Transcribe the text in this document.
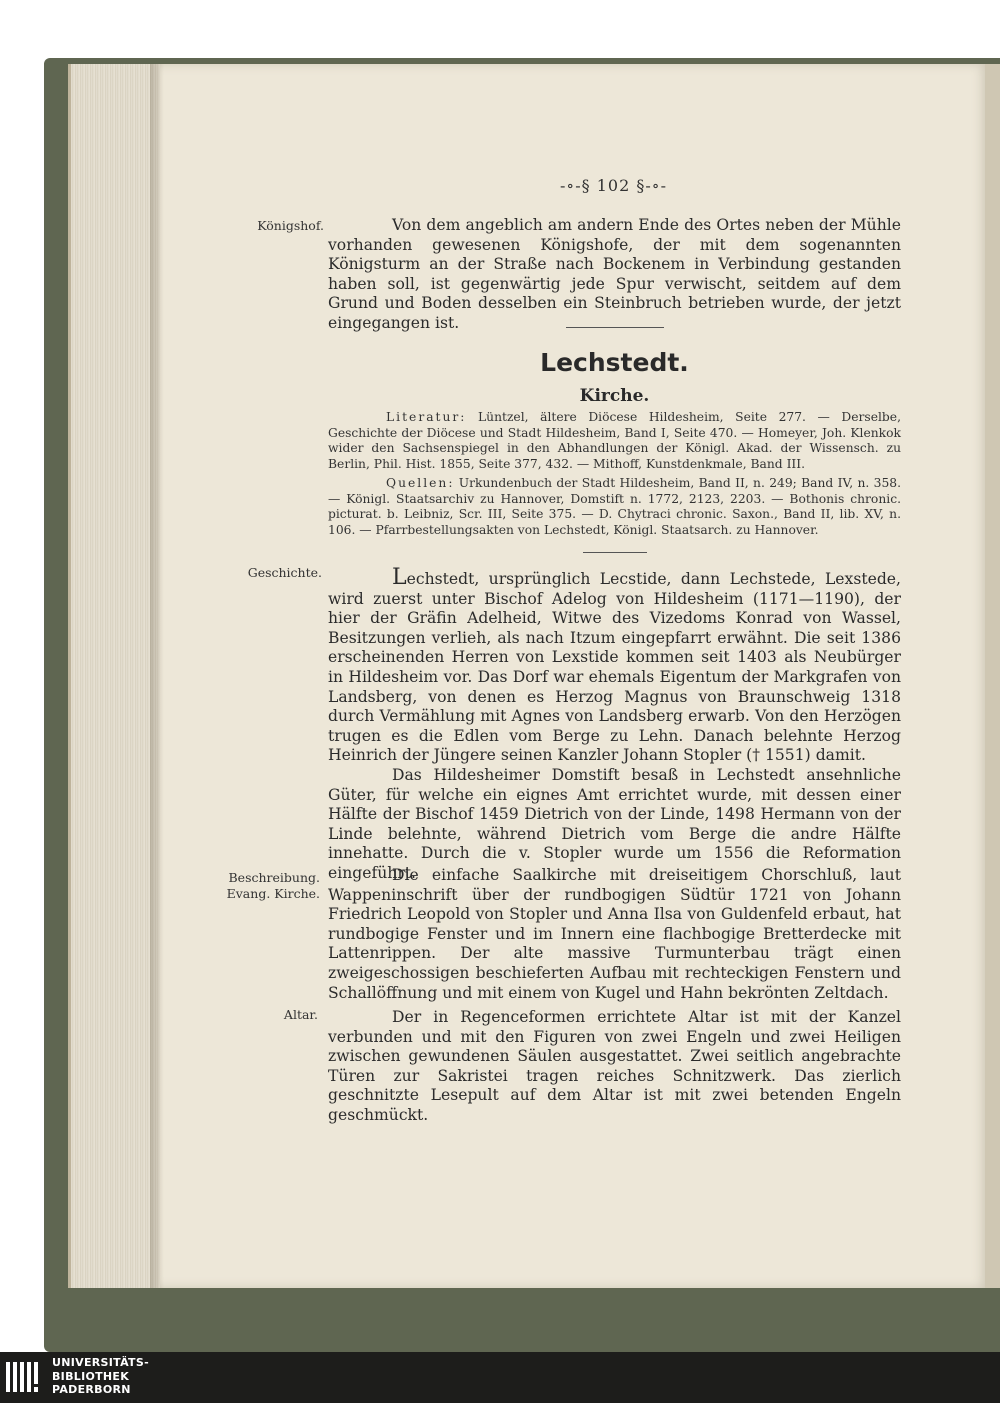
-∘-§ 102 §-∘-
Königshof.	Von dem angeblich am andern Ende des Ortes neben der Mühle vorhanden gewesenen Königshofe, der mit dem sogenannten Königsturm an der Straße nach Bockenem in Verbindung gestanden haben soll, ist gegenwärtig jede Spur verwischt, seitdem auf dem Grund und Boden desselben ein Steinbruch betrieben wurde, der jetzt eingegangen ist.
Lechstedt.
Kirche.

Literatur: Lüntzel, ältere Diöcese Hildesheim, Seite 277. — Derselbe, Geschichte der Diöcese und Stadt Hildesheim, Band I, Seite 470. — Homeyer, Joh. Klenkok wider den Sachsenspiegel in den Abhandlungen der Königl. Akad. der Wissensch. zu Berlin, Phil. Hist. 1855, Seite 377, 432. — Mithoff, Kunstdenkmale, Band III.

Quellen: Urkundenbuch der Stadt Hildesheim, Band II, n. 249; Band IV, n. 358. — Königl. Staatsarchiv zu Hannover, Domstift n. 1772, 2123, 2203. — Bothonis chronic. picturat. b. Leibniz, Scr. III, Seite 375. — D. Chytraci chronic. Saxon., Band II, lib. XV, n. 106. — Pfarrbestellungsakten von Lechstedt, Königl. Staatsarch. zu Hannover.

Geschichte.	Lechstedt, ursprünglich Lecstide, dann Lechstede, Lexstede, wird zuerst unter Bischof Adelog von Hildesheim (1171—1190), der hier der Gräfin Adelheid, Witwe des Vizedoms Konrad von Wassel, Besitzungen verlieh, als nach Itzum eingepfarrt erwähnt. Die seit 1386 erscheinenden Herren von Lexstide kommen seit 1403 als Neubürger in Hildesheim vor. Das Dorf war ehemals Eigentum der Markgrafen von Landsberg, von denen es Herzog Magnus von Braunschweig 1318 durch Vermählung mit Agnes von Landsberg erwarb. Von den Herzögen trugen es die Edlen vom Berge zu Lehn. Danach belehnte Herzog Heinrich der Jüngere seinen Kanzler Johann Stopler († 1551) damit.

Das Hildesheimer Domstift besaß in Lechstedt ansehnliche Güter, für welche ein eignes Amt errichtet wurde, mit dessen einer Hälfte der Bischof 1459 Dietrich von der Linde, 1498 Hermann von der Linde belehnte, während Dietrich vom Berge die andre Hälfte innehatte. Durch die v. Stopler wurde um 1556 die Reformation eingeführt.

Beschreibung.
Evang. Kirche.
Die einfache Saalkirche mit dreiseitigem Chorschluß, laut Wappeninschrift über der rundbogigen Südtür 1721 von Johann Friedrich Leopold von Stopler und Anna Ilsa von Guldenfeld erbaut, hat rundbogige Fenster und im Innern eine flachbogige Bretterdecke mit Lattenrippen. Der alte massive Turmunterbau trägt einen zweigeschossigen beschieferten Aufbau mit rechteckigen Fenstern und Schallöffnung und mit einem von Kugel und Hahn bekrönten Zeltdach.
Altar.	Der in Regenceformen errichtete Altar ist mit der Kanzel verbunden und mit den Figuren von zwei Engeln und zwei Heiligen zwischen gewundenen Säulen ausgestattet. Zwei seitlich angebrachte Türen zur Sakristei tragen reiches Schnitzwerk. Das zierlich geschnitzte Lesepult auf dem Altar ist mit zwei betenden Engeln geschmückt.
UNIVERSITÄTS-
BIBLIOTHEK
PADERBORN
